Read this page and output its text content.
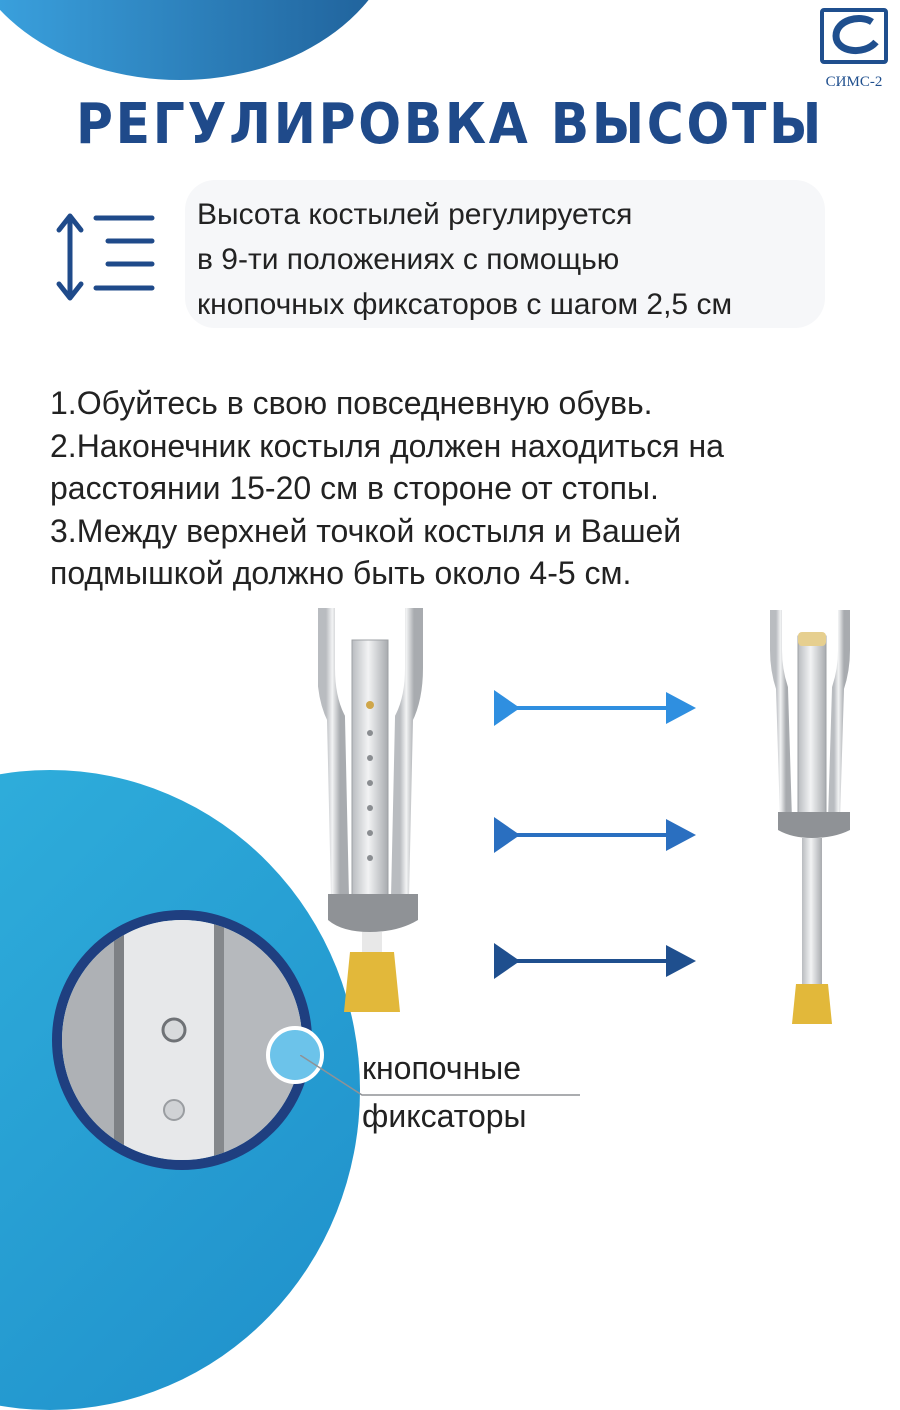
СИМС-2
РЕГУЛИРОВКА ВЫСОТЫ
Высота костылей регулируется
в 9-ти положениях с помощью
кнопочных фиксаторов с шагом 2,5 см
1.Обуйтесь в свою повседневную обувь.
2.Наконечник костыля должен находиться на
расстоянии 15-20 см в стороне от стопы.
3.Между верхней точкой костыля и Вашей
подмышкой должно быть около 4-5 см.
кнопочные
фиксаторы
